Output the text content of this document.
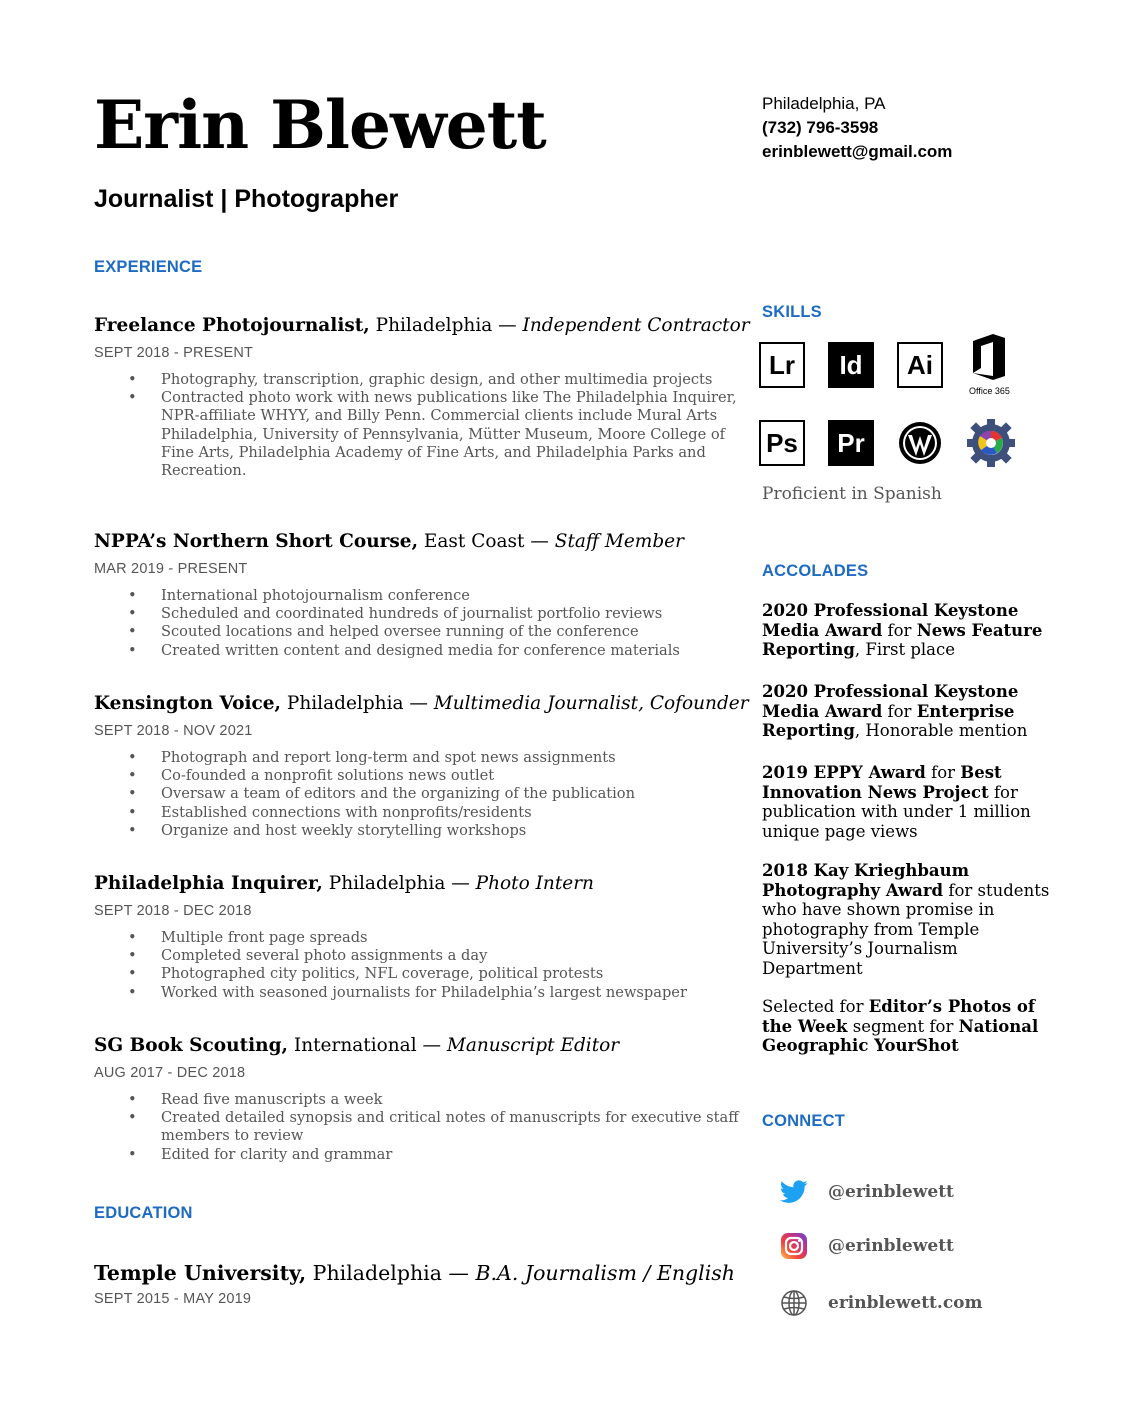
Erin Blewett
Journalist | Photographer
Philadelphia, PA
(732) 796-3598
erinblewett@gmail.com
EXPERIENCE

Freelance Photojournalist, Philadelphia — Independent Contractor

SEPT 2018 - PRESENT

• Photography, transcription, graphic design, and other multimedia projects
• Contracted photo work with news publications like The Philadelphia Inquirer, NPR-affiliate WHYY, and Billy Penn. Commercial clients include Mural Arts Philadelphia, University of Pennsylvania, Mütter Museum, Moore College of Fine Arts, Philadelphia Academy of Fine Arts, and Philadelphia Parks and Recreation.

NPPA’s Northern Short Course, East Coast — Staff Member

MAR 2019 - PRESENT

• International photojournalism conference
• Scheduled and coordinated hundreds of journalist portfolio reviews
• Scouted locations and helped oversee running of the conference
• Created written content and designed media for conference materials

Kensington Voice, Philadelphia — Multimedia Journalist, Cofounder

SEPT 2018 - NOV 2021

• Photograph and report long-term and spot news assignments
• Co-founded a nonprofit solutions news outlet
• Oversaw a team of editors and the organizing of the publication
• Established connections with nonprofits/residents
• Organize and host weekly storytelling workshops

Philadelphia Inquirer, Philadelphia — Photo Intern

SEPT 2018 - DEC 2018

• Multiple front page spreads
• Completed several photo assignments a day
• Photographed city politics, NFL coverage, political protests
• Worked with seasoned journalists for Philadelphia’s largest newspaper

SG Book Scouting, International — Manuscript Editor

AUG 2017 - DEC 2018

• Read five manuscripts a week
• Created detailed synopsis and critical notes of manuscripts for executive staff members to review
• Edited for clarity and grammar
EDUCATION

Temple University, Philadelphia — B.A. Journalism / English

SEPT 2015 - MAY 2019

SKILLS
Lr Id Ai
Office 365
Ps Pr

Proficient in Spanish

ACCOLADES

2020 Professional Keystone Media Award for News Feature Reporting, First place

2020 Professional Keystone Media Award for Enterprise Reporting, Honorable mention

2019 EPPY Award for Best Innovation News Project for publication with under 1 million unique page views

2018 Kay Krieghbaum Photography Award for students who have shown promise in photography from Temple University’s Journalism Department

Selected for Editor’s Photos of the Week segment for National Geographic YourShot

CONNECT
@erinblewett
@erinblewett
erinblewett.com
